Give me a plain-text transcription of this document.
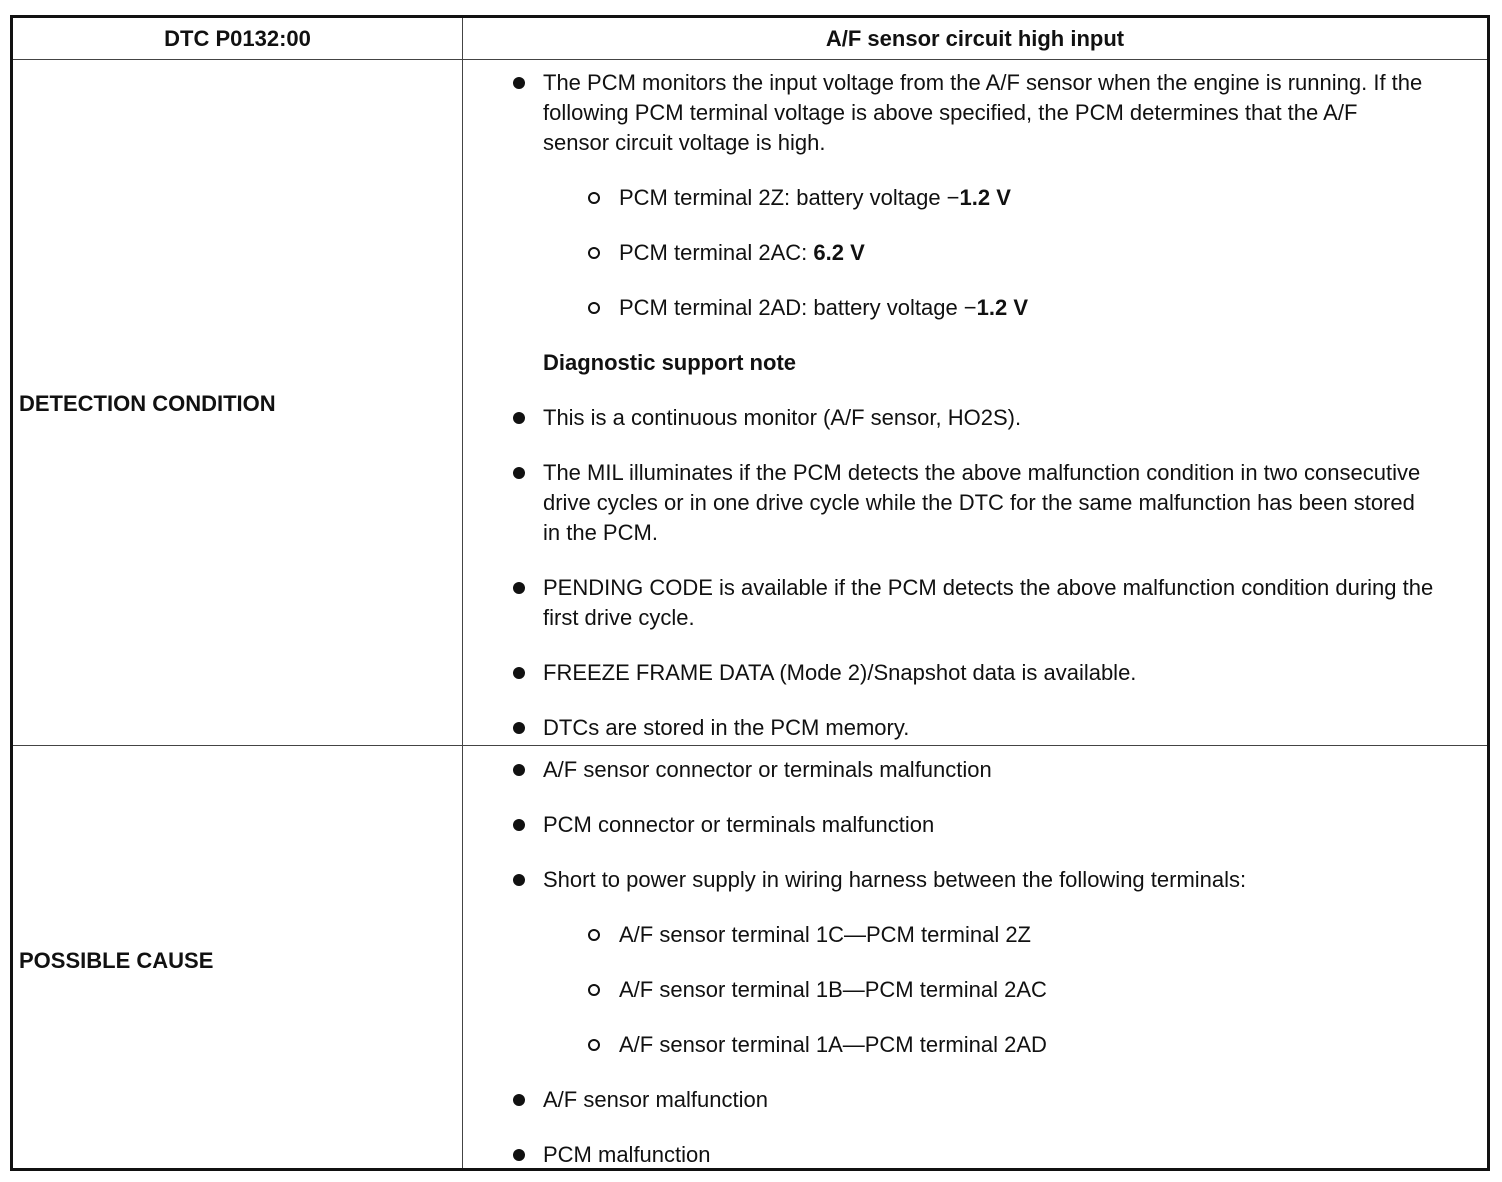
DTC P0132:00	A/F sensor circuit high input
DETECTION CONDITION
The PCM monitors the input voltage from the A/F sensor when the engine is running. If the following PCM terminal voltage is above specified, the PCM determines that the A/F sensor circuit voltage is high.
PCM terminal 2Z: battery voltage −1.2 V
PCM terminal 2AC: 6.2 V
PCM terminal 2AD: battery voltage −1.2 V
Diagnostic support note
This is a continuous monitor (A/F sensor, HO2S).
The MIL illuminates if the PCM detects the above malfunction condition in two consecutive drive cycles or in one drive cycle while the DTC for the same malfunction has been stored in the PCM.
PENDING CODE is available if the PCM detects the above malfunction condition during the first drive cycle.
FREEZE FRAME DATA (Mode 2)/Snapshot data is available.
DTCs are stored in the PCM memory.
POSSIBLE CAUSE
A/F sensor connector or terminals malfunction
PCM connector or terminals malfunction
Short to power supply in wiring harness between the following terminals:
A/F sensor terminal 1C—PCM terminal 2Z
A/F sensor terminal 1B—PCM terminal 2AC
A/F sensor terminal 1A—PCM terminal 2AD
A/F sensor malfunction
PCM malfunction
